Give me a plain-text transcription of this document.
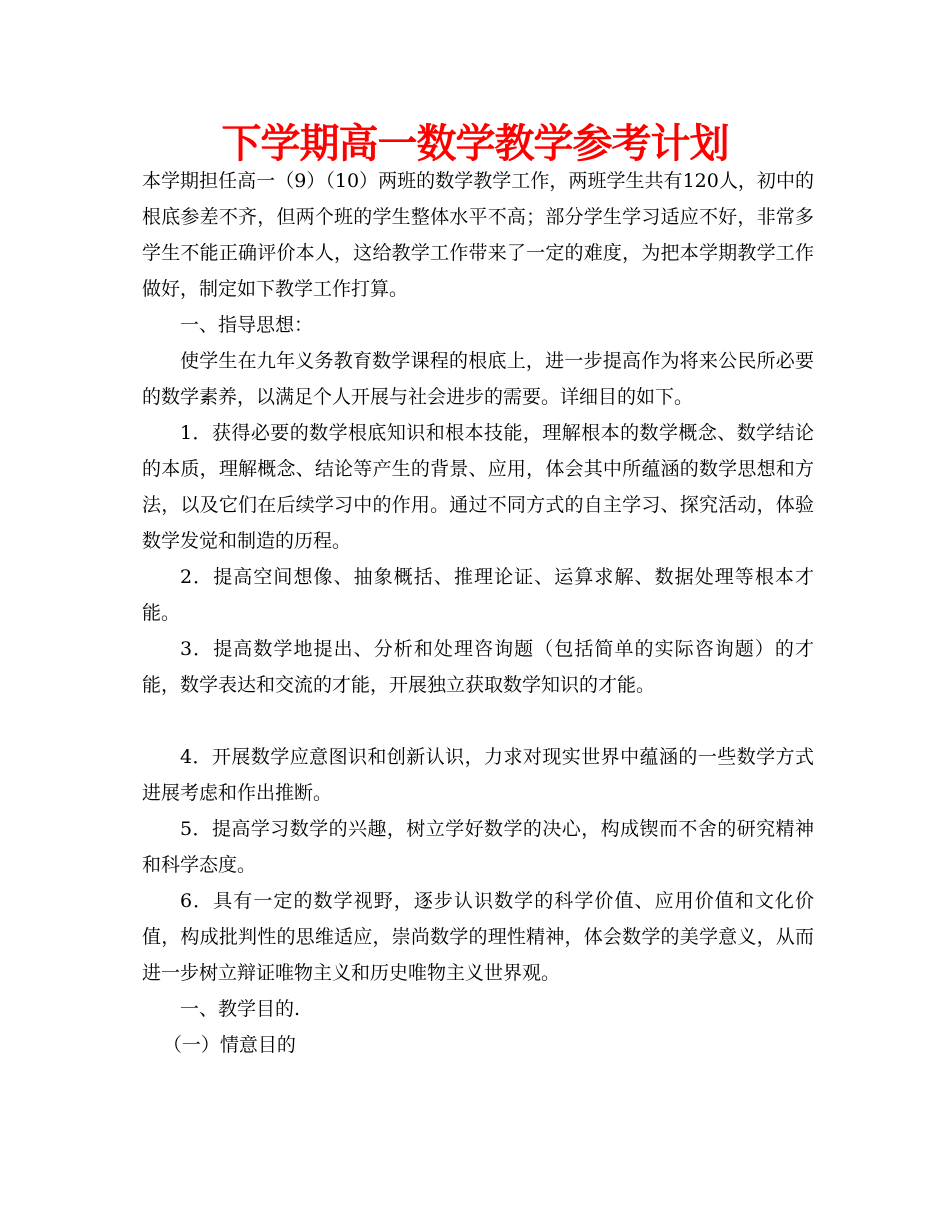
下学期高一数学教学参考计划

本学期担任高一（9）（10）两班的数学教学工作，两班学生共有120人，初中的根底参差不齐，但两个班的学生整体水平不高；部分学生学习适应不好，非常多学生不能正确评价本人，这给教学工作带来了一定的难度，为把本学期教学工作做好，制定如下教学工作打算。

一、指导思想：

使学生在九年义务教育数学课程的根底上，进一步提高作为将来公民所必要的数学素养，以满足个人开展与社会进步的需要。详细目的如下。

1．获得必要的数学根底知识和根本技能，理解根本的数学概念、数学结论的本质，理解概念、结论等产生的背景、应用，体会其中所蕴涵的数学思想和方法，以及它们在后续学习中的作用。通过不同方式的自主学习、探究活动，体验数学发觉和制造的历程。

2．提高空间想像、抽象概括、推理论证、运算求解、数据处理等根本才能。

3．提高数学地提出、分析和处理咨询题（包括简单的实际咨询题）的才能，数学表达和交流的才能，开展独立获取数学知识的才能。

4．开展数学应意图识和创新认识，力求对现实世界中蕴涵的一些数学方式进展考虑和作出推断。

5．提高学习数学的兴趣，树立学好数学的决心，构成锲而不舍的研究精神和科学态度。

6．具有一定的数学视野，逐步认识数学的科学价值、应用价值和文化价值，构成批判性的思维适应，崇尚数学的理性精神，体会数学的美学意义，从而进一步树立辩证唯物主义和历史唯物主义世界观。

一、教学目的.

（一）情意目的
